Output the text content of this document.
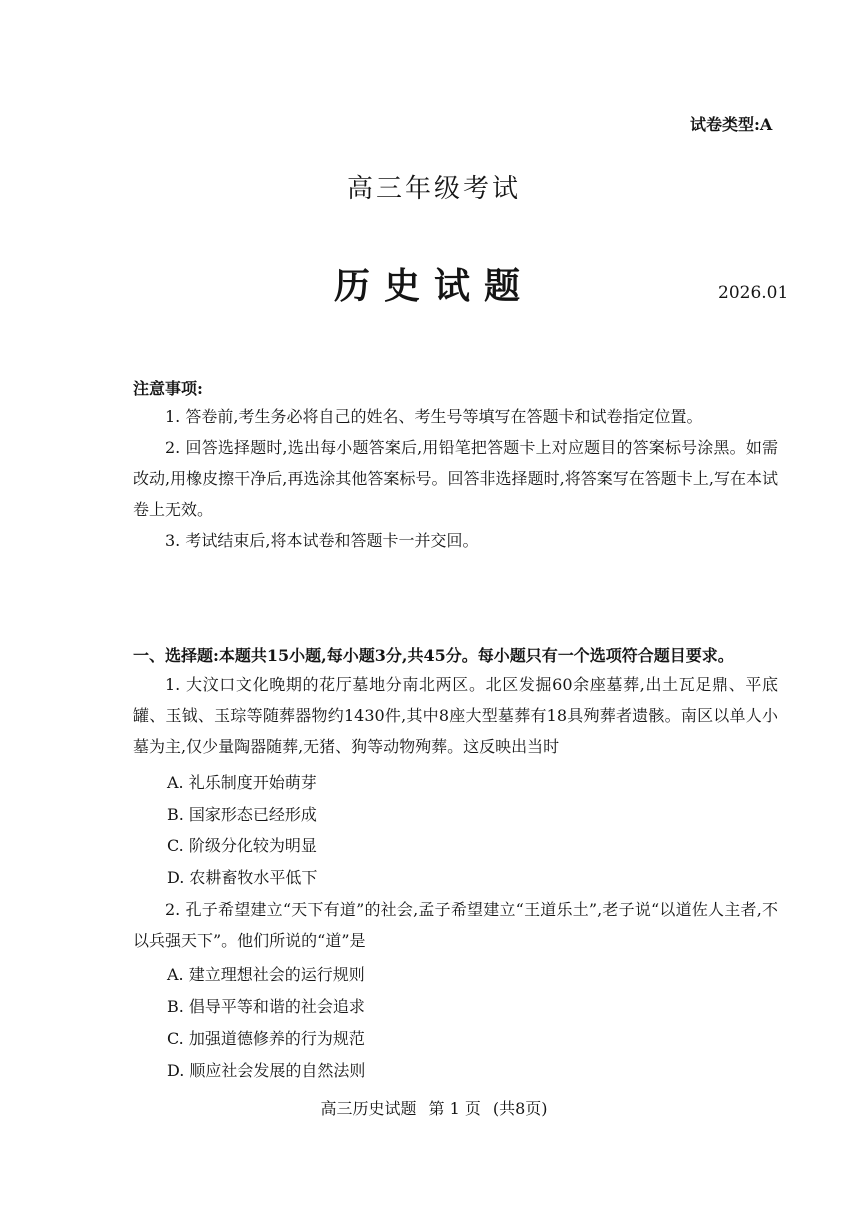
试卷类型:A
高三年级考试
历史试题	2026.01
注意事项:
1. 答卷前,考生务必将自己的姓名、考生号等填写在答题卡和试卷指定位置。
2. 回答选择题时,选出每小题答案后,用铅笔把答题卡上对应题目的答案标号涂黑。如需改动,用橡皮擦干净后,再选涂其他答案标号。回答非选择题时,将答案写在答题卡上,写在本试卷上无效。
3. 考试结束后,将本试卷和答题卡一并交回。
一、选择题:本题共15小题,每小题3分,共45分。每小题只有一个选项符合题目要求。
1. 大汶口文化晚期的花厅墓地分南北两区。北区发掘60余座墓葬,出土瓦足鼎、平底罐、玉钺、玉琮等随葬器物约1430件,其中8座大型墓葬有18具殉葬者遗骸。南区以单人小墓为主,仅少量陶器随葬,无猪、狗等动物殉葬。这反映出当时
A. 礼乐制度开始萌芽
B. 国家形态已经形成
C. 阶级分化较为明显
D. 农耕畜牧水平低下
2. 孔子希望建立“天下有道”的社会,孟子希望建立“王道乐土”,老子说“以道佐人主者,不以兵强天下”。他们所说的“道”是
A. 建立理想社会的运行规则
B. 倡导平等和谐的社会追求
C. 加强道德修养的行为规范
D. 顺应社会发展的自然法则
高三历史试题 第 1 页 (共8页)
